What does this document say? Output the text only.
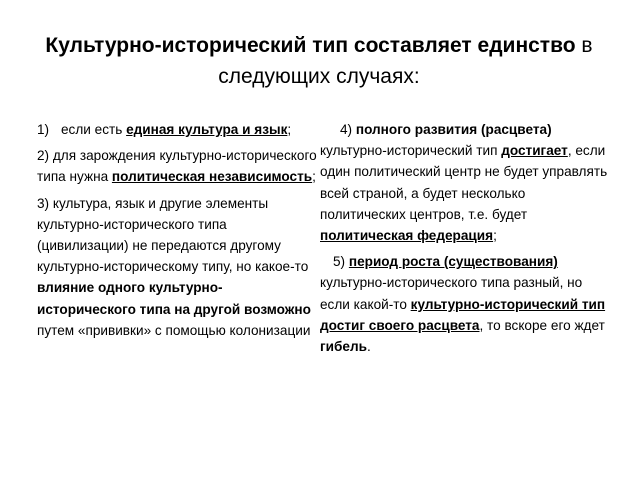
Культурно-исторический тип составляет единство в
следующих случаях:
1) если есть единая культура и язык;
2) для зарождения культурно-исторического типа нужна политическая независимость;
3) культура, язык и другие элементы культурно-исторического типа (цивилизации) не передаются другому культурно-историческому типу, но какое-то влияние одного культурно-исторического типа на другой возможно путем «прививки» с помощью колонизации
4) полного развития (расцвета) культурно-исторический тип достигает, если один политический центр не будет управлять всей страной, а будет несколько политических центров, т.е. будет политическая федерация;
5) период роста (существования) культурно-исторического типа разный, но если какой-то культурно-исторический тип достиг своего расцвета, то вскоре его ждет гибель.
